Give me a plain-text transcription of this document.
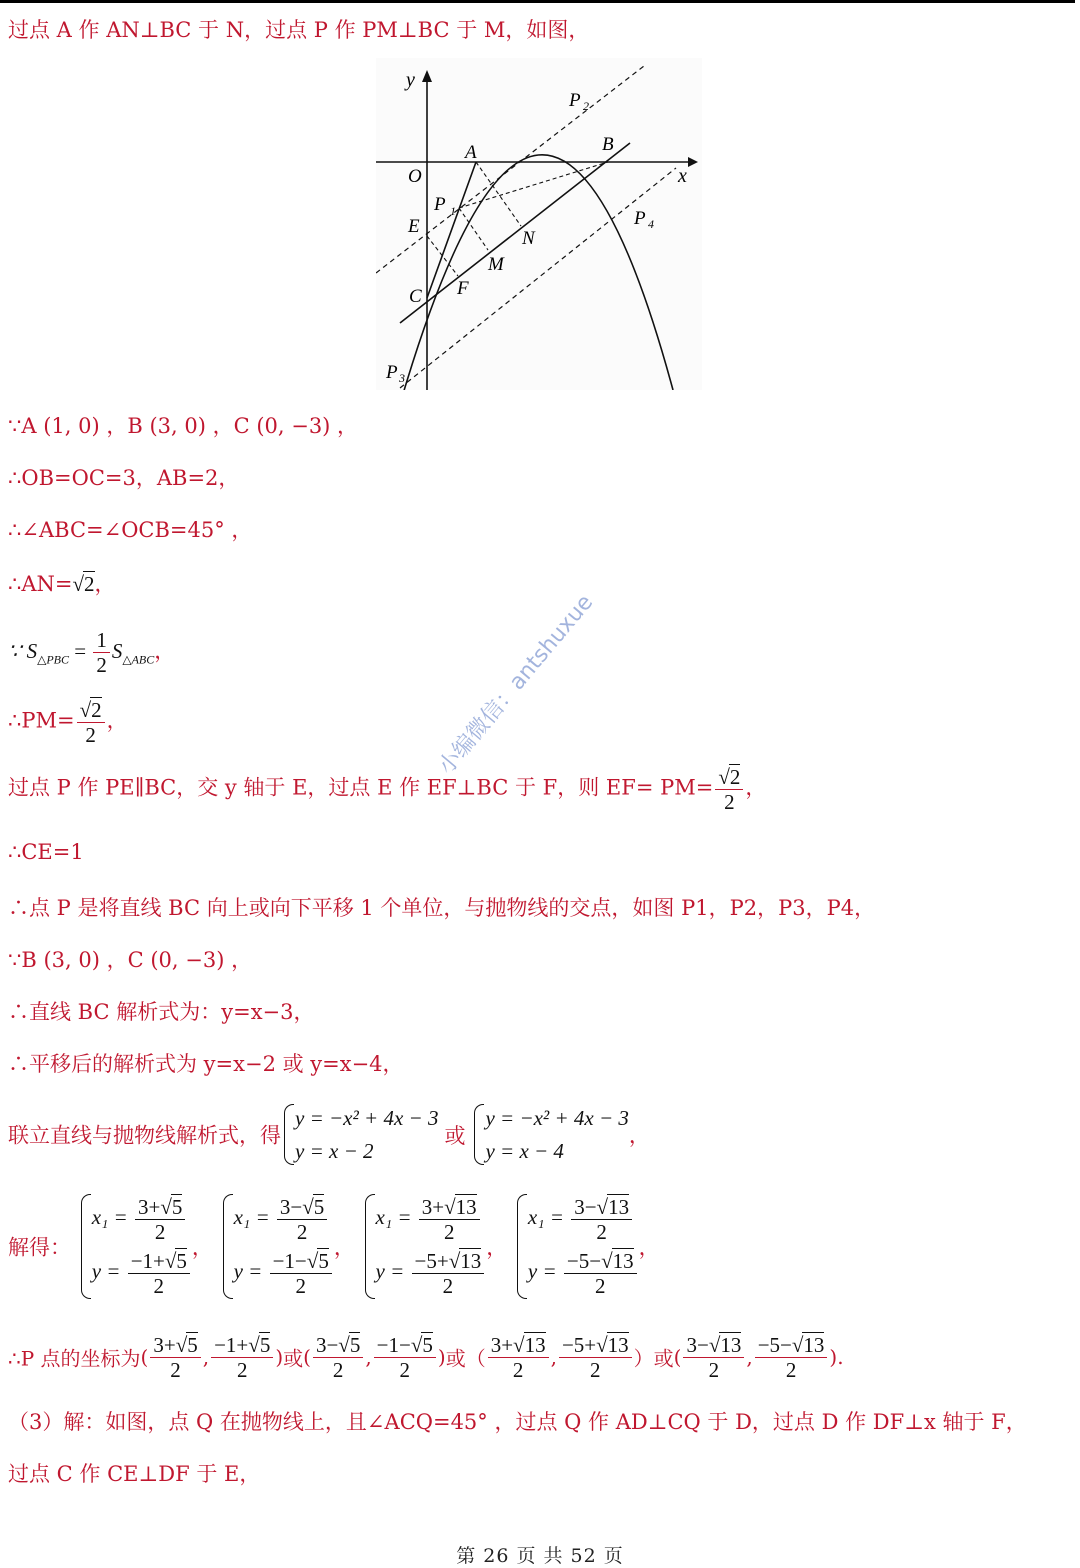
过点 A 作 AN⊥BC 于 N，过点 P 作 PM⊥BC 于 M，如图，
y
x
O
A	B
C
E
F
M
N
P 1
P 2
P 3
P 4
∵A (1, 0) ，B (3, 0) ，C (0, −3) ，
∴OB=OC=3，AB=2，
∴∠ABC=∠OCB=45° ，
∴AN=√2，
∵ $S_{\triangle PBC} = \frac{1}{2} S_{\triangle ABC}$，
∴PM= $\frac{√2}{2}$ ，
过点 P 作 PE∥BC，交 y 轴于 E，过点 E 作 EF⊥BC 于 F，则 $EF= PM= \frac{√2}{2}$ ，
∴CE=1
∴点 P 是将直线 BC 向上或向下平移 1 个单位，与抛物线的交点，如图 P1，P2，P3，P4，
∵B (3, 0) ，C (0, −3) ，
∴直线 BC 解析式为：y=x−3，
∴平移后的解析式为 y=x−2 或 y=x−4，
联立直线与抛物线解析式，得
y = −x² + 4x − 3
y = x − 2
或
y = −x² + 4x − 3
y = x − 4
，
解得：
$x_1 = \frac{3+√5}{2}$
$y = \frac{-1+√5}{2}$
，
$x_1 = \frac{3-√5}{2}$
$y = \frac{-1-√5}{2}$
，
$x_1 = \frac{3+√13}{2}$
$y = \frac{-5+√13}{2}$
，
$x_1 = \frac{3-√13}{2}$
$y = \frac{-5-√13}{2}$
，
∴P 点的坐标为( $\frac{3+√5}{2}$ , $\frac{-1+√5}{2}$ )或( $\frac{3-√5}{2}$ , $\frac{-1-√5}{2}$ )或（ $\frac{3+√13}{2}$ , $\frac{-5+√13}{2}$ ）或( $\frac{3-√13}{2}$ , $\frac{-5-√13}{2}$ ).
（3）解：如图，点 Q 在抛物线上，且∠ACQ=45° ，过点 Q 作 AD⊥CQ 于 D，过点 D 作 DF⊥x 轴于 F，
过点 C 作 CE⊥DF 于 E，
小编微信：antshuxue
第 26 页 共 52 页
